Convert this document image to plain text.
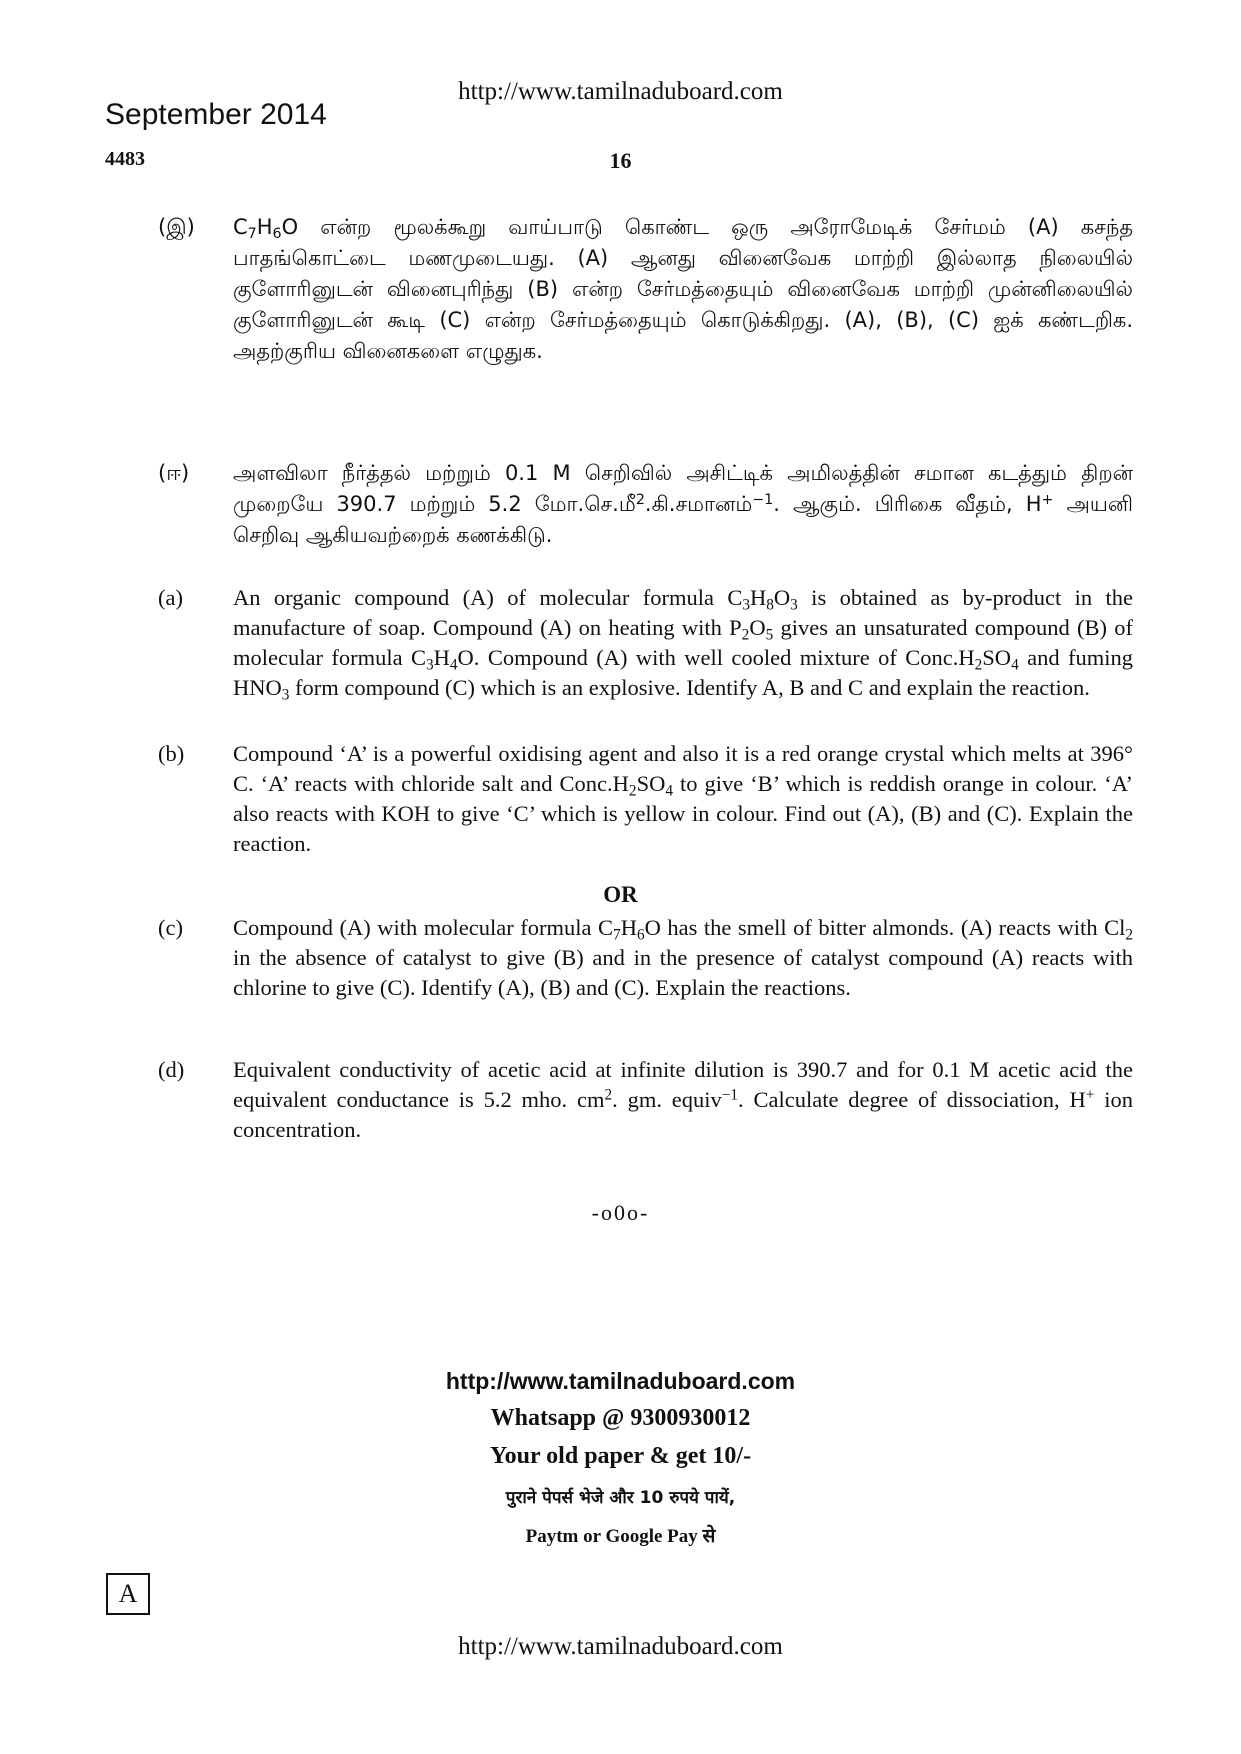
http://www.tamilnaduboard.com
September 2014
4483	16
(இ)	$C_7H_6O$ என்ற மூலக்கூறு வாய்பாடு கொண்ட ஒரு அரோமேடிக் சேர்மம் (A) கசந்த பாதங்கொட்டை மணமுடையது. (A) ஆனது வினைவேக மாற்றி இல்லாத நிலையில் குளோரினுடன் வினைபுரிந்து (B) என்ற சேர்மத்தையும் வினைவேக மாற்றி முன்னிலையில் குளோரினுடன் கூடி (C) என்ற சேர்மத்தையும் கொடுக்கிறது. (A), (B), (C) ஐக் கண்டறிக. அதற்குரிய வினைகளை எழுதுக.
(ஈ)	அளவிலா நீர்த்தல் மற்றும் 0.1 M செறிவில் அசிட்டிக் அமிலத்தின் சமான கடத்தும் திறன் முறையே 390.7 மற்றும் 5.2 மோ.செ.மீ$^2$.கி.சமானம்$^{-1}$. ஆகும். பிரிகை வீதம், H+ அயனி செறிவு ஆகியவற்றைக் கணக்கிடு.
(a)	An organic compound (A) of molecular formula $C_3H_8O_3$ is obtained as by-product in the manufacture of soap. Compound (A) on heating with $P_2O_5$ gives an unsaturated compound (B) of molecular formula $C_3H_4O$. Compound (A) with well cooled mixture of $Conc.H_2SO_4$ and fuming $HNO_3$ form compound (C) which is an explosive. Identify A, B and C and explain the reaction.
(b)	Compound ‘A’ is a powerful oxidising agent and also it is a red orange crystal which melts at 396° C. ‘A’ reacts with chloride salt and $Conc.H_2SO_4$ to give ‘B’ which is reddish orange in colour. ‘A’ also reacts with KOH to give ‘C’ which is yellow in colour. Find out (A), (B) and (C). Explain the reaction.
OR
(c)	Compound (A) with molecular formula $C_7H_6O$ has the smell of bitter almonds. (A) reacts with $Cl_2$ in the absence of catalyst to give (B) and in the presence of catalyst compound (A) reacts with chlorine to give (C). Identify (A), (B) and (C). Explain the reactions.
(d)	Equivalent conductivity of acetic acid at infinite dilution is 390.7 and for 0.1 M acetic acid the equivalent conductance is 5.2 mho. $cm^2$. gm. equiv$^{-1}$. Calculate degree of dissociation, H+ ion concentration.
-o0o-
http://www.tamilnaduboard.com
Whatsapp @ 9300930012
Your old paper & get 10/-
पुराने पेपर्स भेजे और 10 रुपये पायें,
Paytm or Google Pay से
A
http://www.tamilnaduboard.com
